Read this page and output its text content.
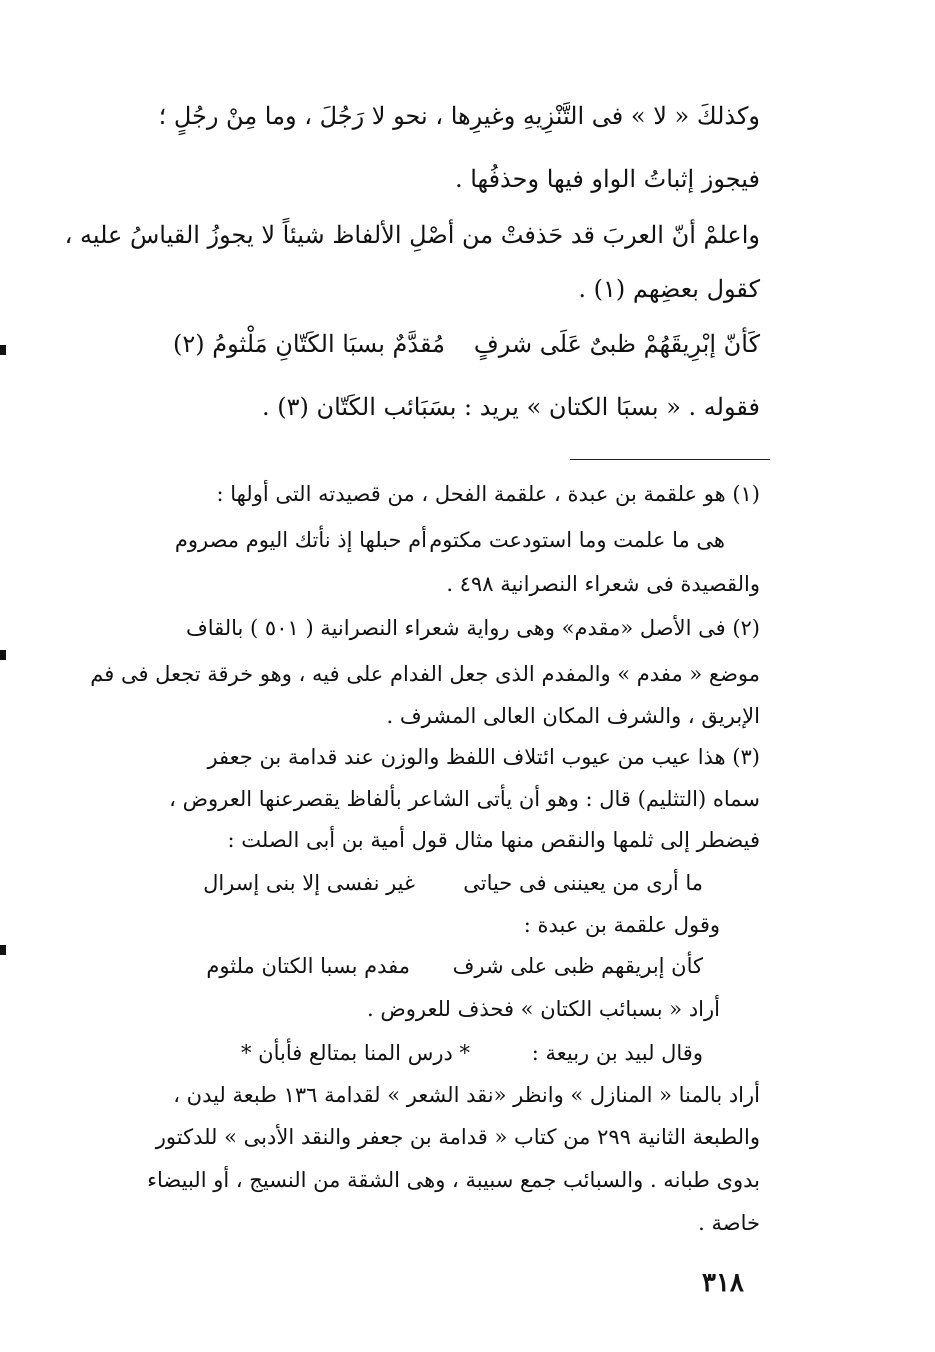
وكذلكَ « لا » فى التَّنْزِيهِ وغيرِها ، نحو لا رَجُلَ ، وما مِنْ رجُلٍ ؛
فيجوز إثباتُ الواو فيها وحذفُها .
واعلمْ أنّ العربَ قد حَذفتْ من أصْلِ الألفاظ شيئاً لا يجوزُ القياسُ عليه ،
كقول بعضِهم (١) .
كَأنّ إبْرِيقَهُمْ ظبىٌ عَلَى شرفٍ
مُقدَّمٌ بسبَا الكَتّانِ مَلْثومُ (٢)
فقوله . « بسبَا الكتان » يريد : بسَبَائب الكَتّان (٣) .
(١) هو علقمة بن عبدة ، علقمة الفحل ، من قصيدته التى أولها :
هى ما علمت وما استودعت مكتوم
أم حبلها إذ نأتك اليوم مصروم
والقصيدة فى شعراء النصرانية ٤٩٨ .
(٢) فى الأصل «مقدم» وهى رواية شعراء النصرانية ( ٥٠١ ) بالقاف
موضع « مفدم » والمفدم الذى جعل الفدام على فيه ، وهو خرقة تجعل فى فم
الإبريق ، والشرف المكان العالى المشرف .
(٣) هذا عيب من عيوب ائتلاف اللفظ والوزن عند قدامة بن جعفر
سماه (التثليم) قال : وهو أن يأتى الشاعر بألفاظ يقصرعنها العروض ،
فيضطر إلى ثلمها والنقص منها مثال قول أمية بن أبى الصلت :
ما أرى من يعيننى فى حياتى
غير نفسى إلا بنى إسرال
وقول علقمة بن عبدة :
كأن إبريقهم ظبى على شرف
مفدم بسبا الكتان ملثوم
أراد « بسبائب الكتان » فحذف للعروض .
وقال لبيد بن ربيعة :
* درس المنا بمتالع فأبأن *
أراد بالمنا « المنازل » وانظر «نقد الشعر » لقدامة ١٣٦ طبعة ليدن ،
والطبعة الثانية ٢٩٩ من كتاب « قدامة بن جعفر والنقد الأدبى » للدكتور
بدوى طبانه . والسبائب جمع سبيبة ، وهى الشقة من النسيج ، أو البيضاء
خاصة .
٣١٨
